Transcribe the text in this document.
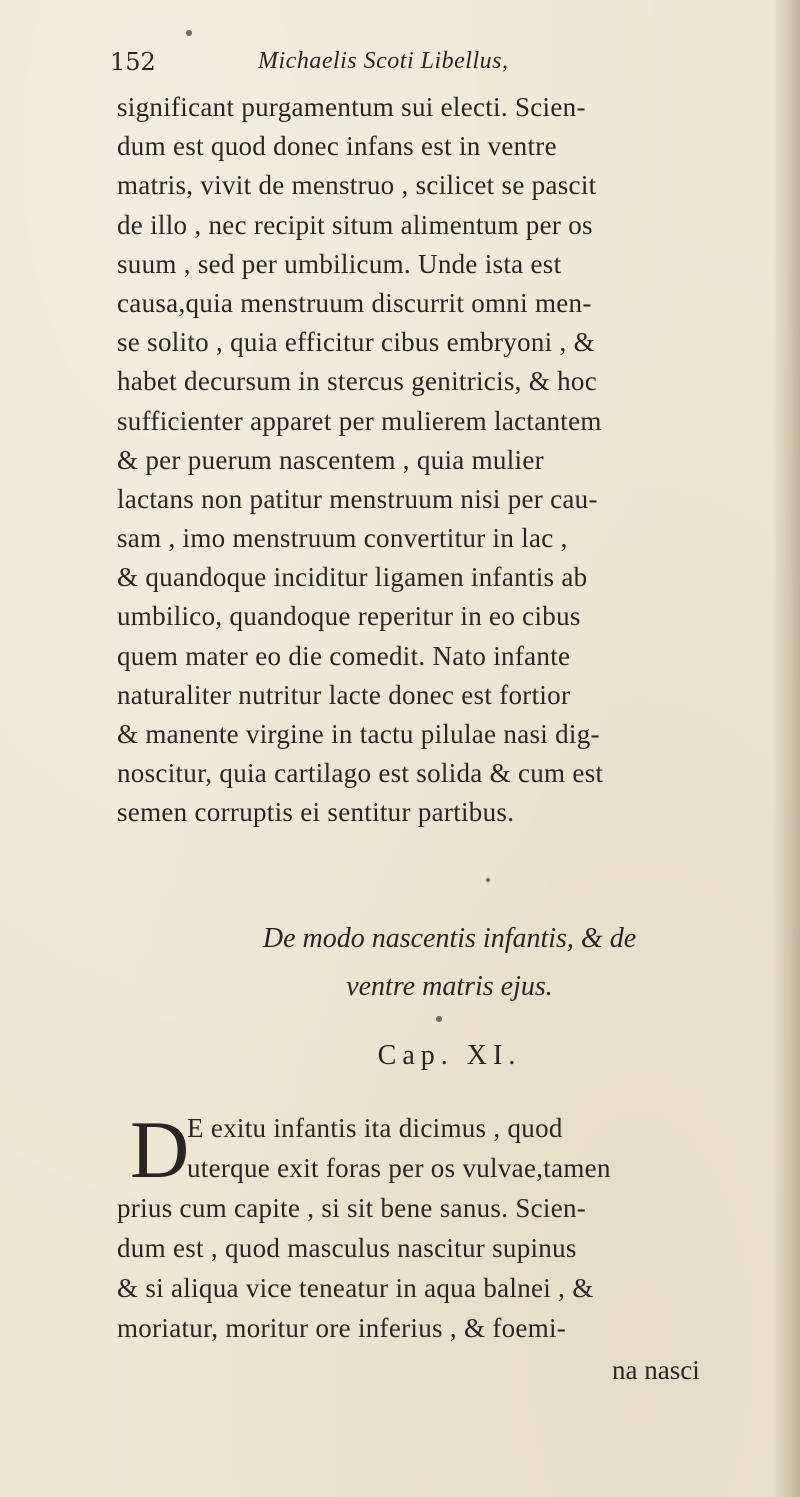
152	Michaelis Scoti Libellus,
significant purgamentum sui electi. Scien-
dum est quod donec infans est in ventre
matris, vivit de menstruo , scilicet se pascit
de illo , nec recipit situm alimentum per os
suum , sed per umbilicum. Unde ista est
causa,quia menstruum discurrit omni men-
se solito , quia efficitur cibus embryoni , &
habet decursum in stercus genitricis, & hoc
sufficienter apparet per mulierem lactantem
& per puerum nascentem , quia mulier
lactans non patitur menstruum nisi per cau-
sam , imo menstruum convertitur in lac ,
& quandoque inciditur ligamen infantis ab
umbilico, quandoque reperitur in eo cibus
quem mater eo die comedit. Nato infante
naturaliter nutritur lacte donec est fortior
& manente virgine in tactu pilulae nasi dig-
noscitur, quia cartilago est solida & cum est
semen corruptis ei sentitur partibus.
De modo nascentis infantis, & de
ventre matris ejus.
Cap. XI.
D
E exitu infantis ita dicimus , quod
uterque exit foras per os vulvae,tamen
prius cum capite , si sit bene sanus. Scien-
dum est , quod masculus nascitur supinus
& si aliqua vice teneatur in aqua balnei , &
moriatur, moritur ore inferius , & foemi-
na nasci
